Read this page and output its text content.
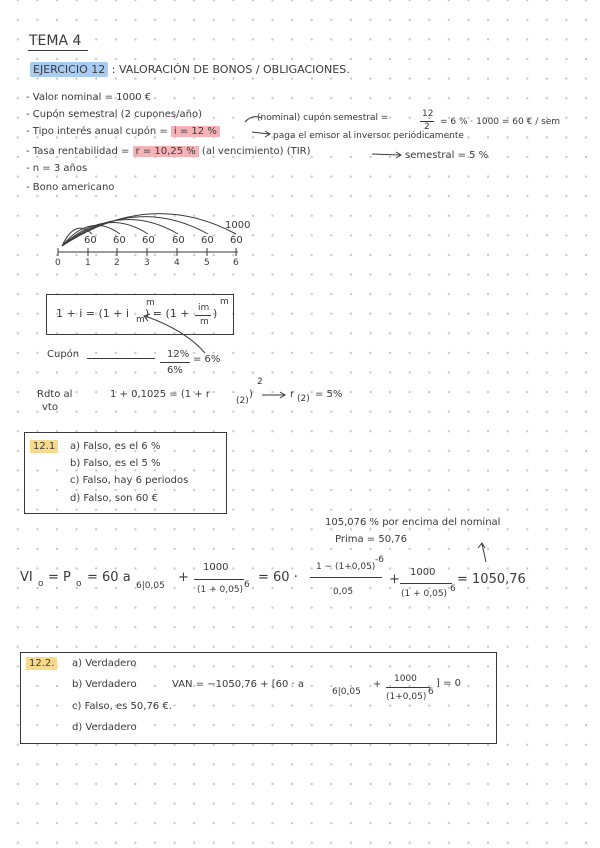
TEMA 4
EJERCICIO 12 : VALORACIÓN DE BONOS / OBLIGACIONES.
- Valor nominal = 1000 €
- Cupón semestral (2 cupones/año)
- Tipo interés anual cupón = i = 12 %
- Tasa rentabilidad = r = 10,25 % (al vencimiento) (TIR)	semestral = 5 %
- n = 3 años
- Bono americano
(nominal) cupón semestral =	12
2 = 6 % · 1000 = 60 € / sem
paga el emisor al inversor periódicamente
1000
60 60 60 60 60 60
0	1	2	3	4	5	6
1 + i = (1 + i m
m
) = (1 + im
m
)
m
Cupón	12%
6%
= 6%
Rdto al
vto
1 + 0,1025 = (1 + r
(2)
)
2
r (2) = 5%
12.1	a) Falso, es el 6 %
b) Falso, es el 5 %
c) Falso, hay 6 periodos
d) Falso, son 60 €
105,076 % por encima del nominal
Prima = 50,76
VI o = P o = 60 a
6|0,05
+
1000
(1 + 0,05) 6 = 60 ·
1 − (1+0,05)
-6
0,05
+ 1000
(1 + 0,05) 6
= 1050,76
12.2.	a) Verdadero
b) Verdadero	VAN = −1050,76 + [60 · a
6|0,05
+ 1000
(1+0,05) 6
] = 0
c) Falso, es 50,76 €.
d) Verdadero
